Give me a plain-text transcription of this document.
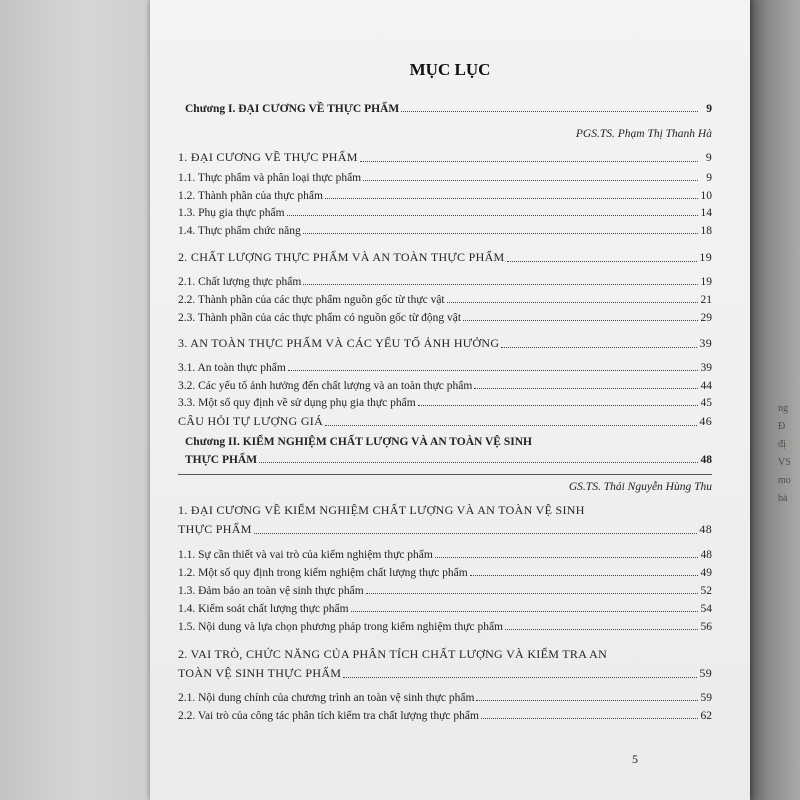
ng
Đ
đị
VS
mo
bả
MỤC LỤC
Chương I. ĐẠI CƯƠNG VỀ THỰC PHẨM	9
PGS.TS. Phạm Thị Thanh Hà
1. ĐẠI CƯƠNG VỀ THỰC PHẨM	9
1.1. Thực phẩm và phân loại thực phẩm	9
1.2. Thành phần của thực phẩm	10
1.3. Phụ gia thực phẩm	14
1.4. Thực phẩm chức năng	18
2. CHẤT LƯỢNG THỰC PHẨM VÀ AN TOÀN THỰC PHẨM	19
2.1. Chất lượng thực phẩm	19
2.2. Thành phần của các thực phẩm nguồn gốc từ thực vật	21
2.3. Thành phần của các thực phẩm có nguồn gốc từ động vật	29
3. AN TOÀN THỰC PHẨM VÀ CÁC YẾU TỐ ẢNH HƯỞNG	39
3.1. An toàn thực phẩm	39
3.2. Các yếu tố ảnh hưởng đến chất lượng và an toàn thực phẩm	44
3.3. Một số quy định về sử dụng phụ gia thực phẩm	45
CÂU HỎI TỰ LƯỢNG GIÁ	46
Chương II. KIỂM NGHIỆM CHẤT LƯỢNG VÀ AN TOÀN VỆ SINH
THỰC PHẨM	48
GS.TS. Thái Nguyễn Hùng Thu
1. ĐẠI CƯƠNG VỀ KIỂM NGHIỆM CHẤT LƯỢNG VÀ AN TOÀN VỆ SINH
THỰC PHẨM	48
1.1. Sự cần thiết và vai trò của kiểm nghiệm thực phẩm	48
1.2. Một số quy định trong kiểm nghiệm chất lượng thực phẩm	49
1.3. Đảm bảo an toàn vệ sinh thực phẩm	52
1.4. Kiểm soát chất lượng thực phẩm	54
1.5. Nội dung và lựa chọn phương pháp trong kiểm nghiệm thực phẩm	56
2. VAI TRÒ, CHỨC NĂNG CỦA PHÂN TÍCH CHẤT LƯỢNG VÀ KIỂM TRA AN
TOÀN VỆ SINH THỰC PHẨM	59
2.1. Nội dung chính của chương trình an toàn vệ sinh thực phẩm	59
2.2. Vai trò của công tác phân tích kiểm tra chất lượng thực phẩm	62
5
